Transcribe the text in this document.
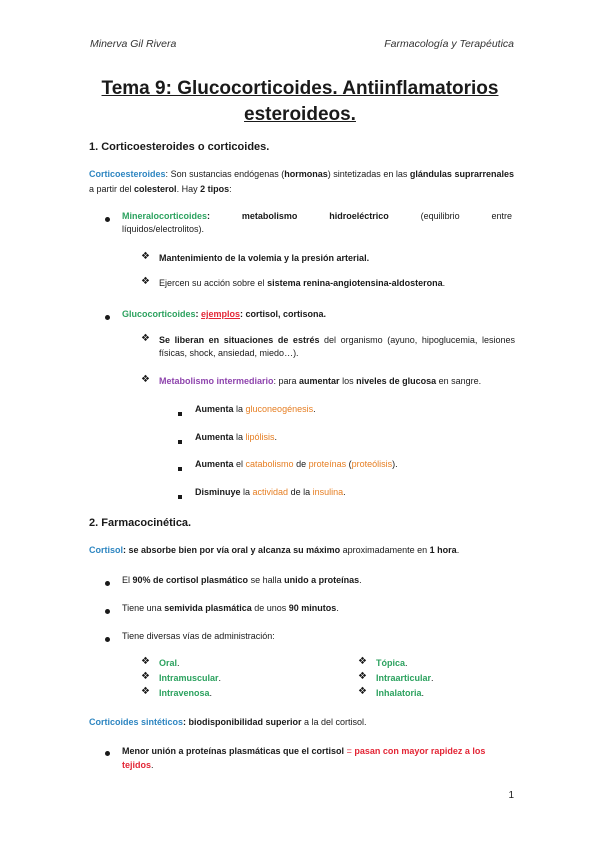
Minerva Gil Rivera	Farmacología y Terapéutica
Tema 9: Glucocorticoides. Antiinflamatorios
esteroideos.
1. Corticoesteroides o corticoides.
Corticoesteroides: Son sustancias endógenas (hormonas) sintetizadas en las glándulas suprarrenales a partir del colesterol. Hay 2 tipos:
Mineralocorticoides:	metabolismo	hidroeléctrico	(equilibrio	entre
líquidos/electrolitos).
❖ Mantenimiento de la volemia y la presión arterial.
❖ Ejercen su acción sobre el sistema renina-angiotensina-aldosterona.
Glucocorticoides: ejemplos: cortisol, cortisona.
❖ Se liberan en situaciones de estrés del organismo (ayuno, hipoglucemia, lesiones físicas, shock, ansiedad, miedo…).
❖ Metabolismo intermediario: para aumentar los niveles de glucosa en sangre.
Aumenta la gluconeogénesis.
Aumenta la lipólisis.
Aumenta el catabolismo de proteínas (proteólisis).
Disminuye la actividad de la insulina.
2. Farmacocinética.
Cortisol: se absorbe bien por vía oral y alcanza su máximo aproximadamente en 1 hora.
El 90% de cortisol plasmático se halla unido a proteínas.
Tiene una semivida plasmática de unos 90 minutos.
Tiene diversas vías de administración:
❖ Oral.
❖ Intramuscular.
❖ Intravenosa.
❖ Tópica.
❖ Intraarticular.
❖ Inhalatoria.
Corticoides sintéticos: biodisponibilidad superior a la del cortisol.
Menor unión a proteínas plasmáticas que el cortisol = pasan con mayor rapidez a los
tejidos.
1
